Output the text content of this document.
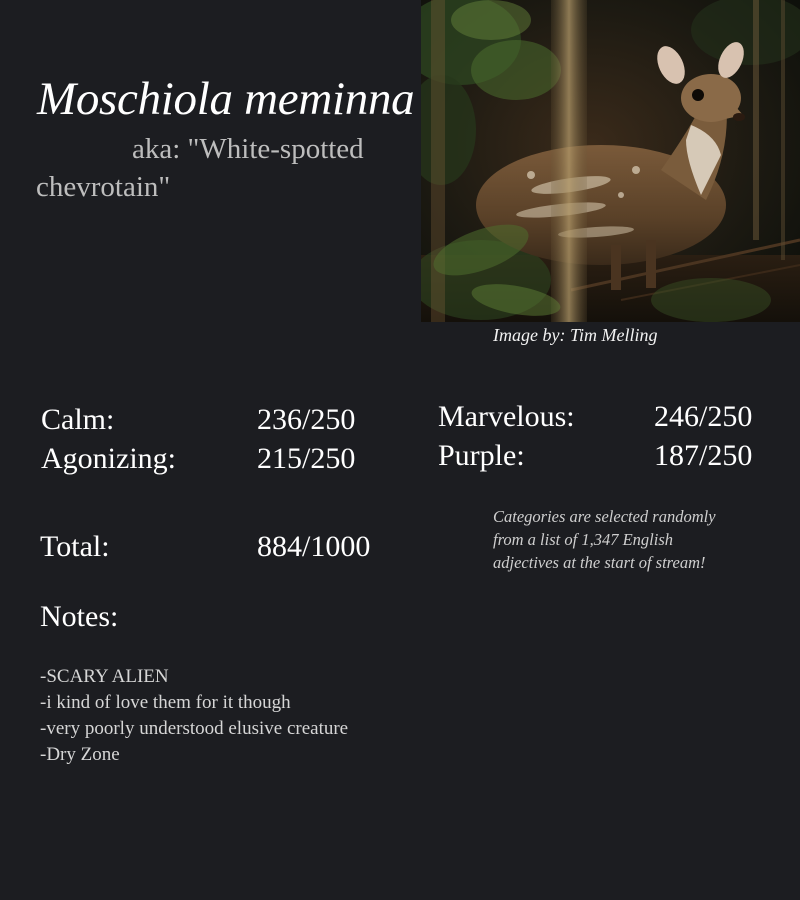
Moschiola meminna
aka: "White-spotted
chevrotain"
Image by: Tim Melling
Calm:	236/250
Agonizing:	215/250
Marvelous:	246/250
Purple:	187/250
Total:	884/1000
Categories are selected randomly from a list of 1,347 English adjectives at the start of stream!
Notes:
-SCARY ALIEN
-i kind of love them for it though
-very poorly understood elusive creature
-Dry Zone
